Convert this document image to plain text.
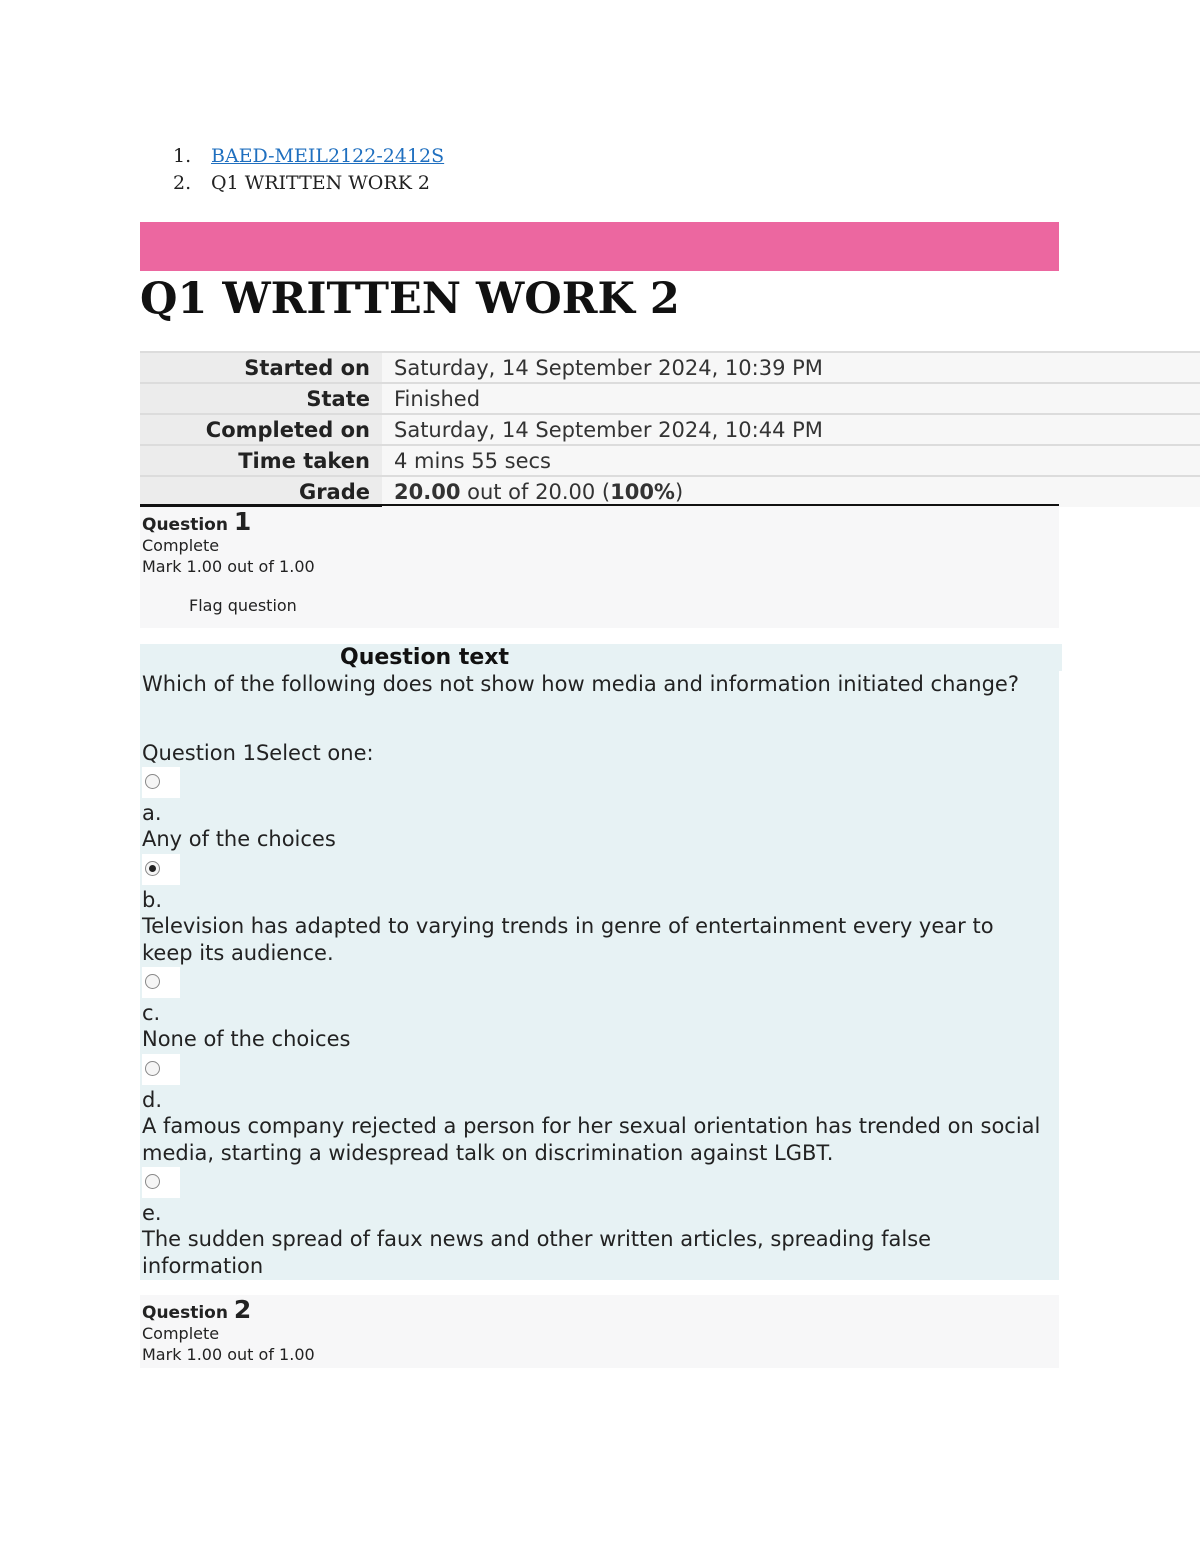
1.	BAED-MEIL2122-2412S
2.	Q1 WRITTEN WORK 2
Q1 WRITTEN WORK 2
Started on	Saturday, 14 September 2024, 10:39 PM
State	Finished
Completed on	Saturday, 14 September 2024, 10:44 PM
Time taken	4 mins 55 secs
Grade	20.00 out of 20.00 (100%)
Question 1
Complete
Mark 1.00 out of 1.00
Flag question
Question text
Which of the following does not show how media and information initiated change?
Question 1Select one:
a.
Any of the choices
b.
Television has adapted to varying trends in genre of entertainment every year to keep its audience.
c.
None of the choices
d.
A famous company rejected a person for her sexual orientation has trended on social media, starting a widespread talk on discrimination against LGBT.
e.
The sudden spread of faux news and other written articles, spreading false information
Question 2
Complete
Mark 1.00 out of 1.00
